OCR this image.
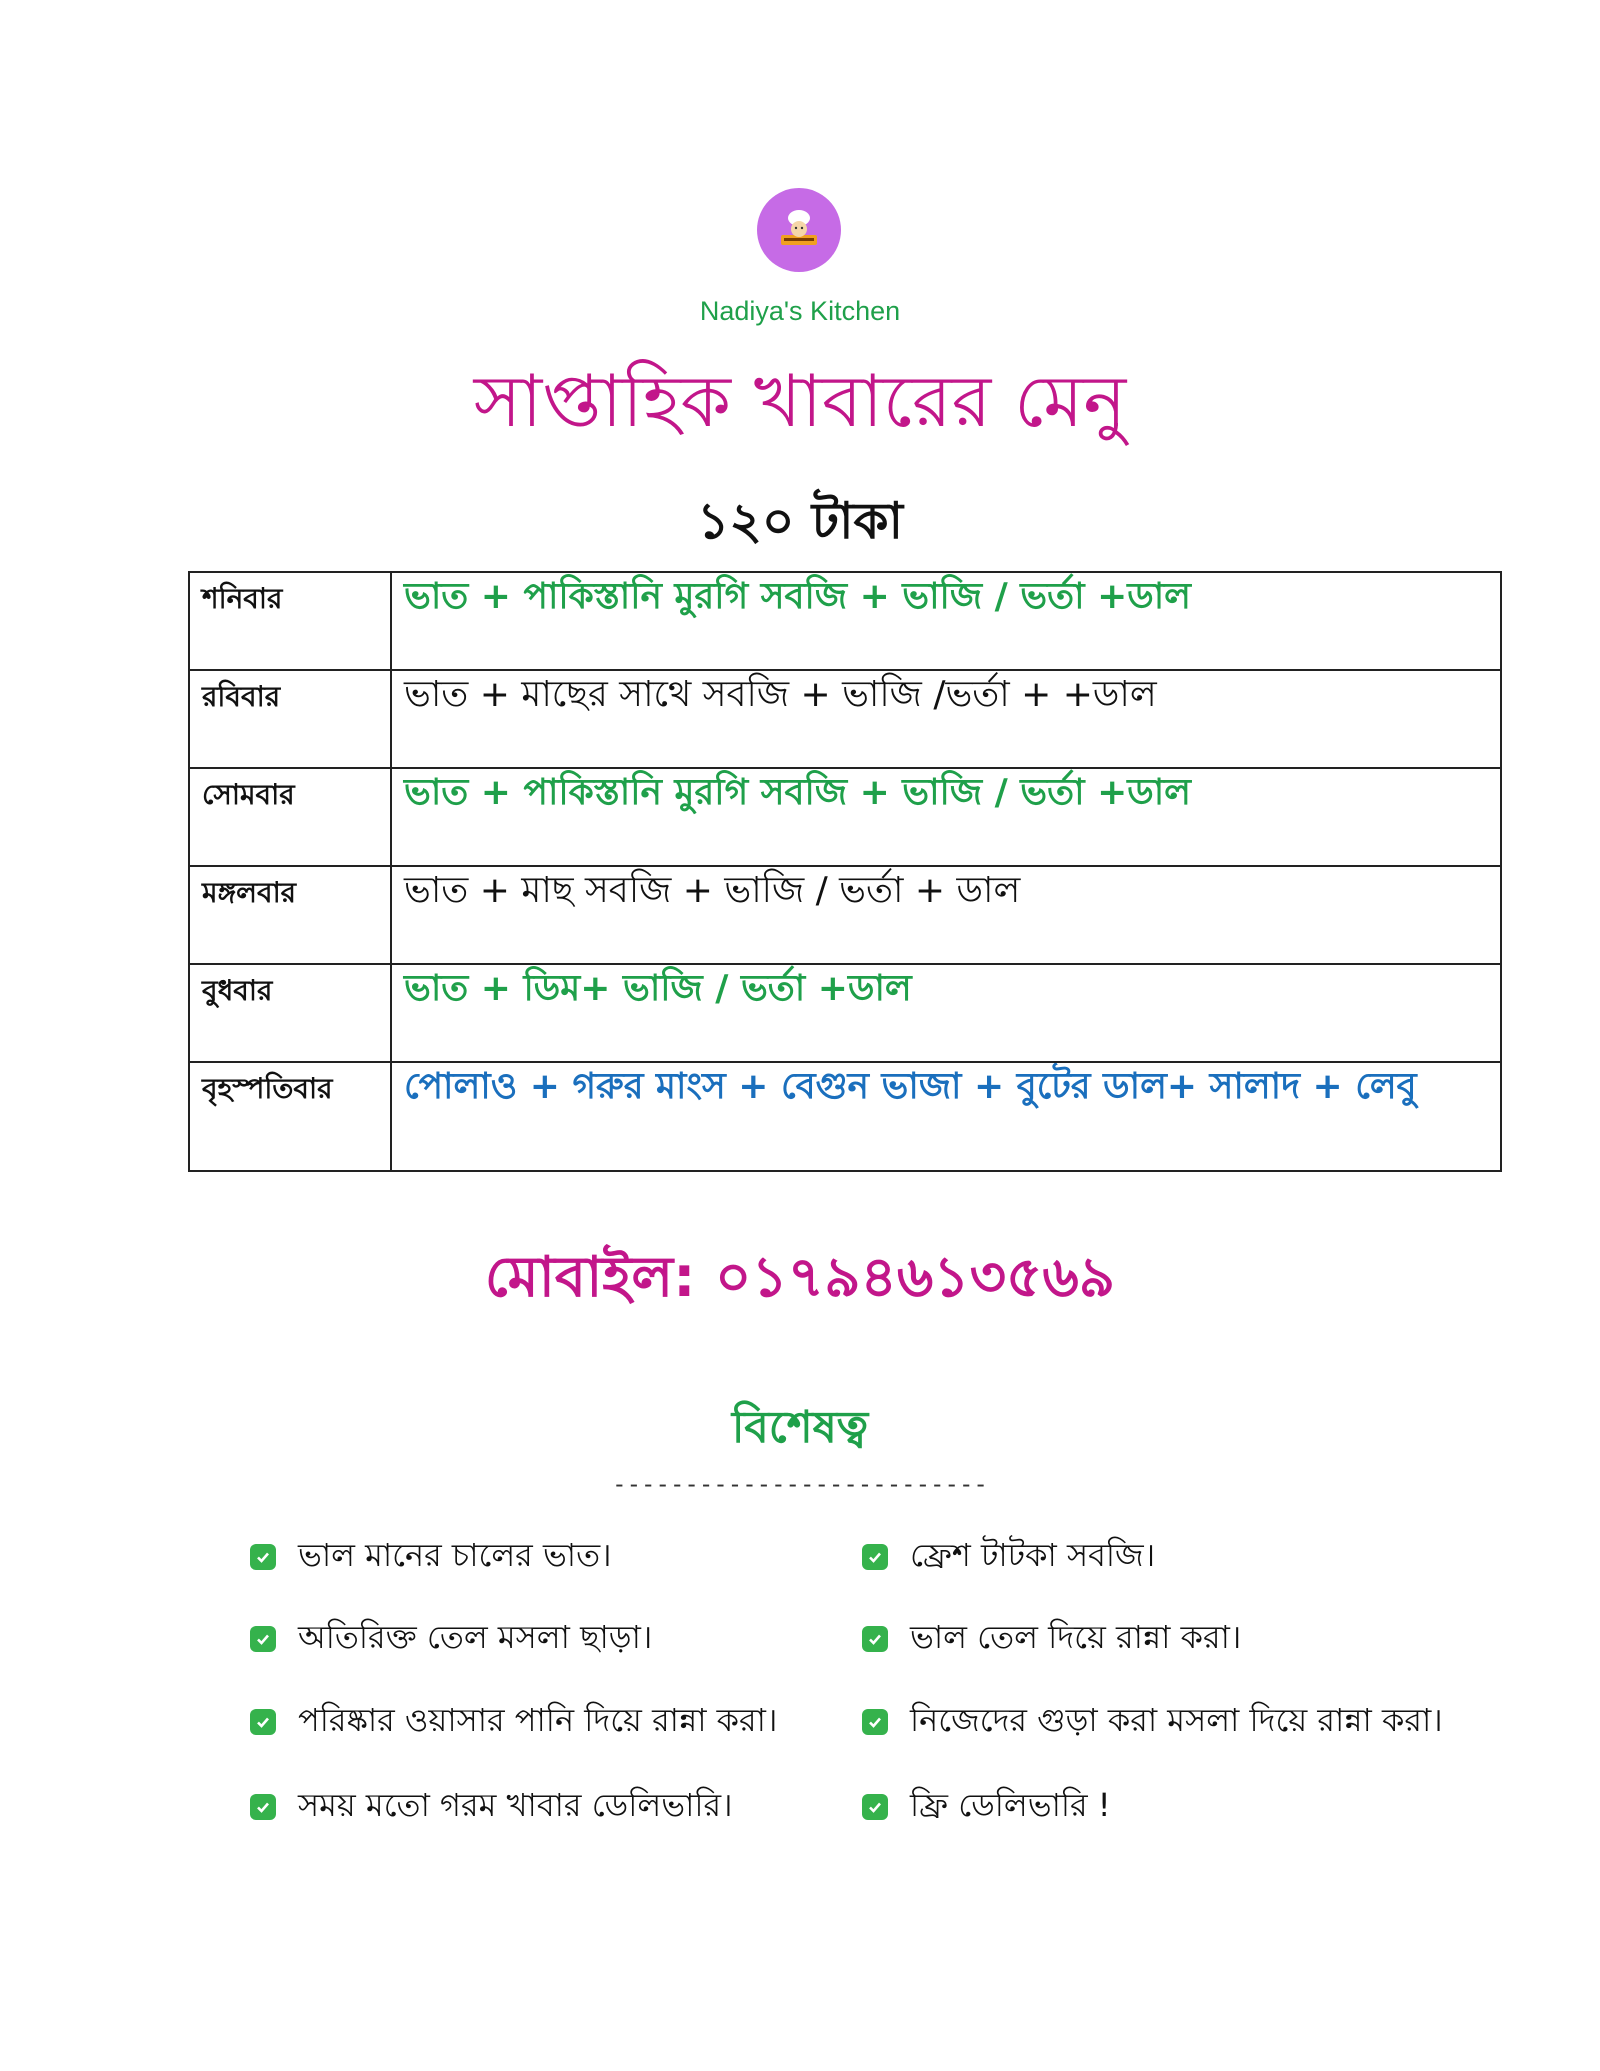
Nadiya's Kitchen
সাপ্তাহিক খাবারের মেনু
১২০ টাকা
শনিবার	ভাত + পাকিস্তানি মুরগি সবজি + ভাজি / ভর্তা +ডাল
রবিবার	ভাত + মাছের সাথে সবজি + ভাজি /ভর্তা + +ডাল
সোমবার	ভাত + পাকিস্তানি মুরগি সবজি + ভাজি / ভর্তা +ডাল
মঙ্গলবার	ভাত + মাছ সবজি + ভাজি / ভর্তা + ডাল
বুধবার	ভাত + ডিম+ ভাজি / ভর্তা +ডাল
বৃহস্পতিবার	পোলাও + গরুর মাংস + বেগুন ভাজা + বুটের ডাল+ সালাদ + লেবু
মোবাইল: ০১৭৯৪৬১৩৫৬৯
বিশেষত্ব
--------------------------
ভাল মানের চালের ভাত।
অতিরিক্ত তেল মসলা ছাড়া।
পরিষ্কার ওয়াসার পানি দিয়ে রান্না করা।
সময় মতো গরম খাবার ডেলিভারি।
ফ্রেশ টাটকা সবজি।
ভাল তেল দিয়ে রান্না করা।
নিজেদের গুড়া করা মসলা দিয়ে রান্না করা।
ফ্রি ডেলিভারি !
